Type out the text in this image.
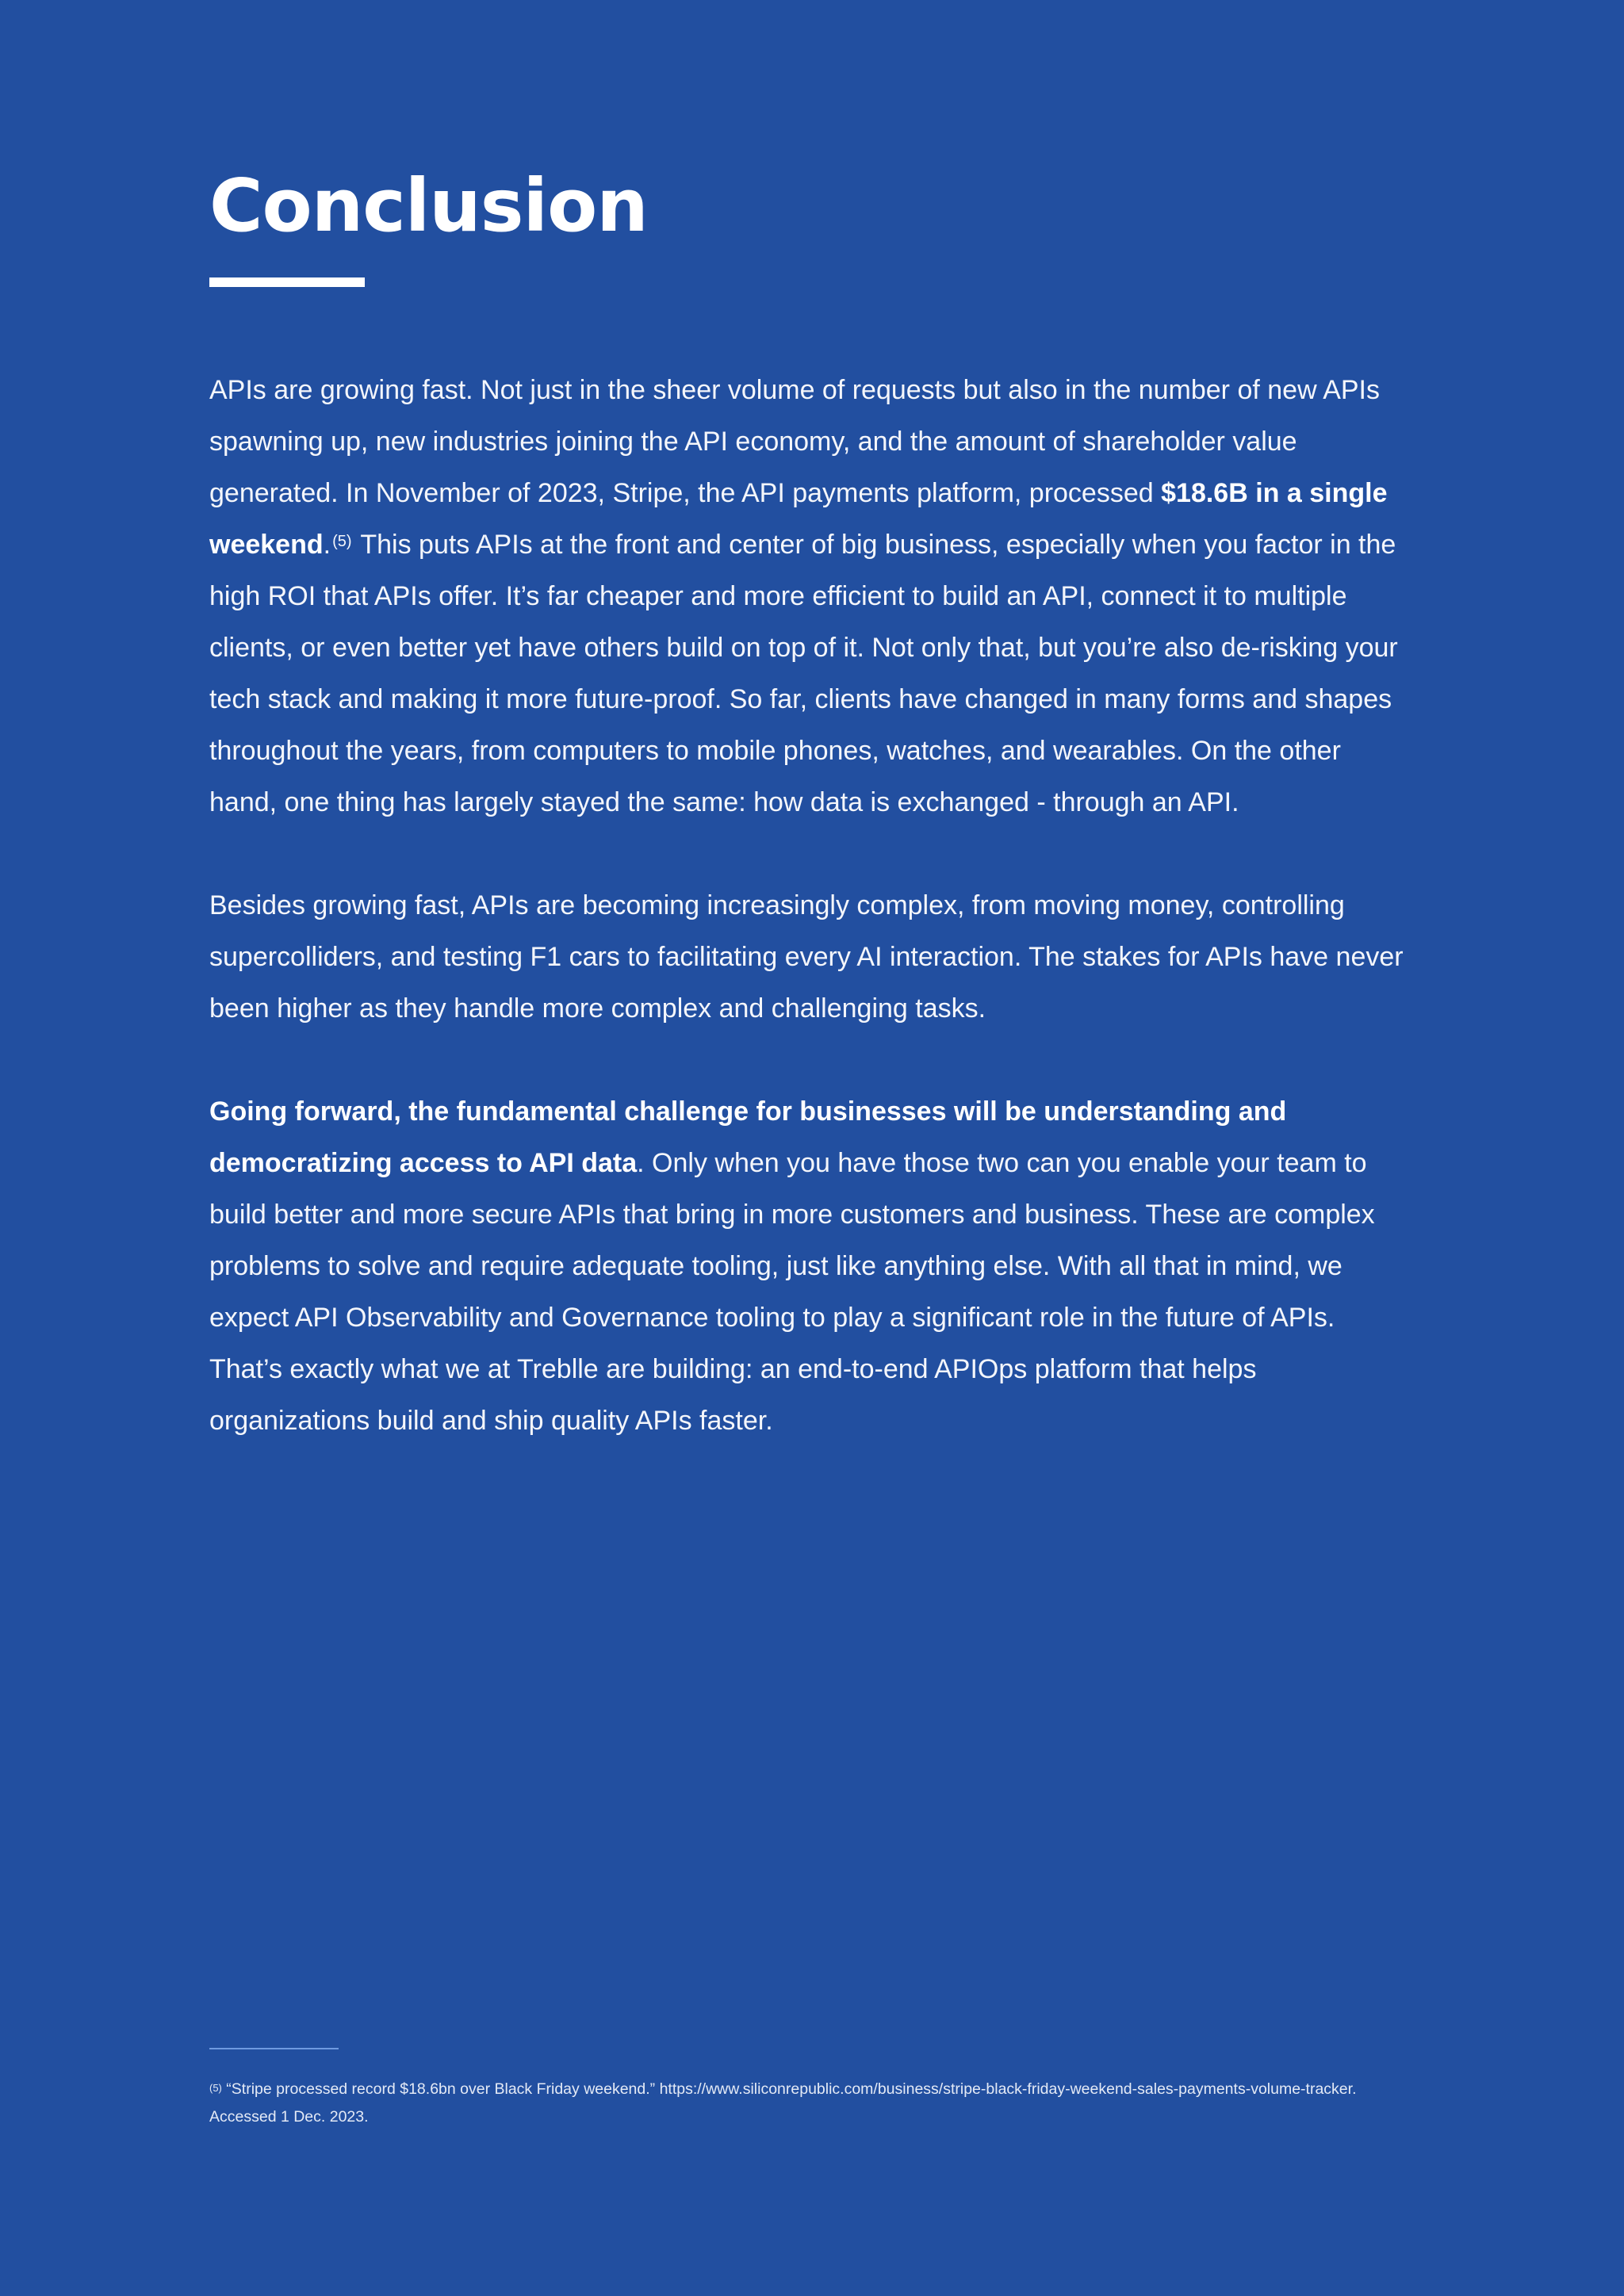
Conclusion

APIs are growing fast. Not just in the sheer volume of requests but also in the number of new APIs spawning up, new industries joining the API economy, and the amount of shareholder value generated. In November of 2023, Stripe, the API payments platform, processed $18.6B in a single weekend. $^{(5)}$ This puts APIs at the front and center of big business, especially when you factor in the high ROI that APIs offer. It’s far cheaper and more efficient to build an API, connect it to multiple clients, or even better yet have others build on top of it. Not only that, but you’re also de-risking your tech stack and making it more future-proof. So far, clients have changed in many forms and shapes throughout the years, from computers to mobile phones, watches, and wearables. On the other hand, one thing has largely stayed the same: how data is exchanged - through an API.

Besides growing fast, APIs are becoming increasingly complex, from moving money, controlling supercolliders, and testing F1 cars to facilitating every AI interaction. The stakes for APIs have never been higher as they handle more complex and challenging tasks.

Going forward, the fundamental challenge for businesses will be understanding and democratizing access to API data. Only when you have those two can you enable your team to build better and more secure APIs that bring in more customers and business. These are complex problems to solve and require adequate tooling, just like anything else. With all that in mind, we expect API Observability and Governance tooling to play a significant role in the future of APIs. That’s exactly what we at Treblle are building: an end-to-end APIOps platform that helps organizations build and ship quality APIs faster.

$^{(5)}$ “Stripe processed record $18.6bn over Black Friday weekend.” https://www.siliconrepublic.com/business/stripe-black-friday-weekend-sales-payments-volume-tracker. Accessed 1 Dec. 2023.
